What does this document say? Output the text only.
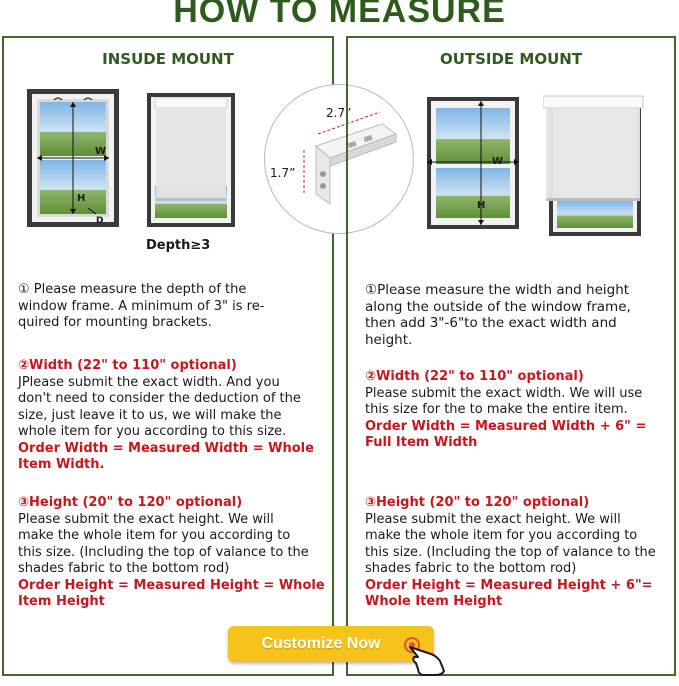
HOW TO MEASURE
INSUDE MOUNT
W
H
D
Depth≥3
2.7”
1.7”
① Please measure the depth of the
window frame. A minimum of 3" is re-
quired for mounting brackets.
②Width (22" to 110" optional)
JPlease submit the exact width. And you
don't need to consider the deduction of the
size, just leave it to us, we will make the
whole item for you according to this size.
Order Width = Measured Width = Whole
Item Width.
③Height (20" to 120" optional)
Please submit the exact height. We will
make the whole item for you according to
this size. (Including the top of valance to the
shades fabric to the bottom rod)
Order Height = Measured Height = Whole
Item Height
OUTSIDE MOUNT
W
H
①Please measure the width and height
along the outside of the window frame,
then add 3"-6"to the exact width and
height.
②Width (22" to 110" optional)
Please submit the exact width. We will use
this size for the to make the entire item.
Order Width = Measured Width + 6" =
Full Item Width
③Height (20" to 120" optional)
Please submit the exact height. We will
make the whole item for you according to
this size. (Including the top of valance to the
shades fabric to the bottom rod)
Order Height = Measured Height + 6"=
Whole Item Height
Customize Now
